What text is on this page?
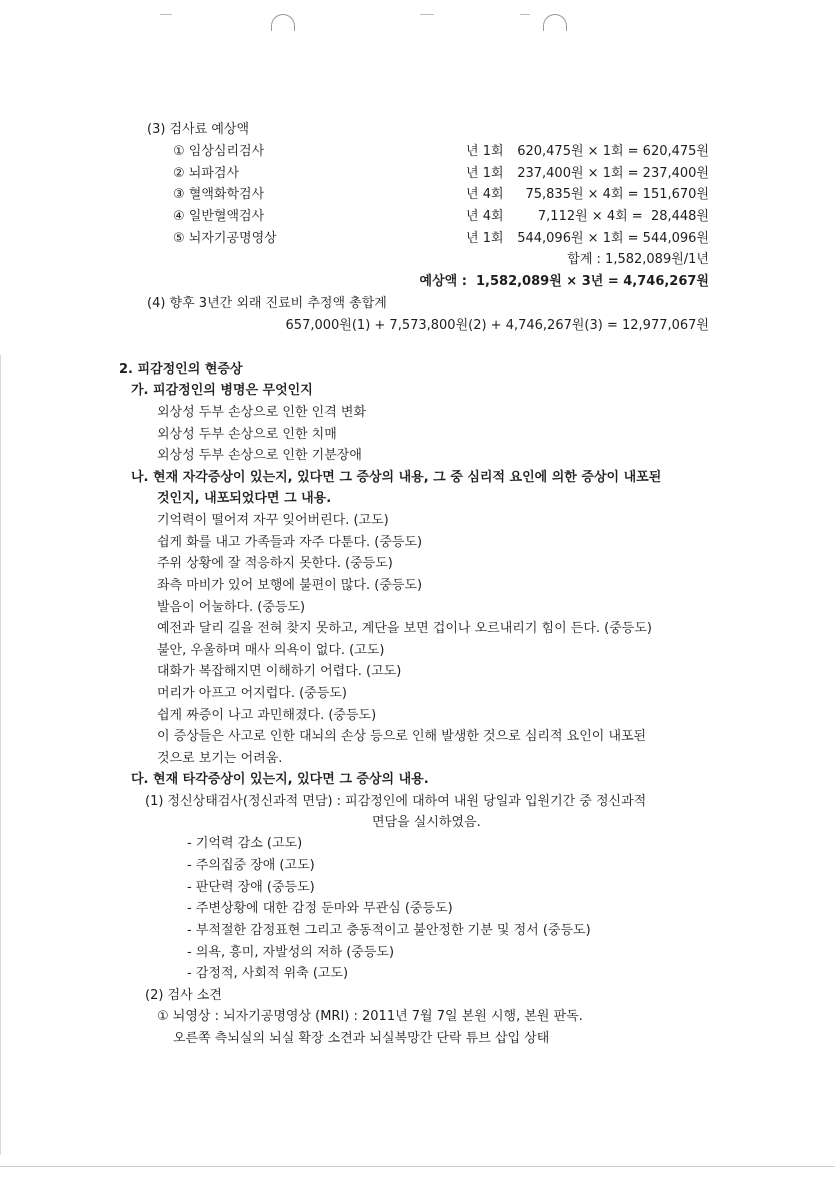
(3) 검사료 예상액
① 임상심리검사	년 1회 620,475원 × 1회 = 620,475원
② 뇌파검사	년 1회 237,400원 × 1회 = 237,400원
③ 혈액화학검사	년 4회 75,835원 × 4회 = 151,670원
④ 일반혈액검사	년 4회	7,112원 × 4회 =  28,448원
⑤ 뇌자기공명영상	년 1회 544,096원 × 1회 = 544,096원
합계 : 1,582,089원/1년
예상액 :  1,582,089원 × 3년 = 4,746,267원
(4) 향후 3년간 외래 진료비 추정액 총합계
657,000원(1) + 7,573,800원(2) + 4,746,267원(3) = 12,977,067원
2. 피감정인의 현증상
가. 피감정인의 병명은 무엇인지
외상성 두부 손상으로 인한 인격 변화
외상성 두부 손상으로 인한 치매
외상성 두부 손상으로 인한 기분장애
나. 현재 자각증상이 있는지, 있다면 그 증상의 내용, 그 중 심리적 요인에 의한 증상이 내포된
것인지, 내포되었다면 그 내용.
기억력이 떨어져 자꾸 잊어버린다. (고도)
쉽게 화를 내고 가족들과 자주 다툰다. (중등도)
주위 상황에 잘 적응하지 못한다. (중등도)
좌측 마비가 있어 보행에 불편이 많다. (중등도)
발음이 어눌하다. (중등도)
예전과 달리 길을 전혀 찾지 못하고, 계단을 보면 겁이나 오르내리기 힘이 든다. (중등도)
불안, 우울하며 매사 의욕이 없다. (고도)
대화가 복잡해지면 이해하기 어렵다. (고도)
머리가 아프고 어지럽다. (중등도)
쉽게 짜증이 나고 과민해졌다. (중등도)
이 증상들은 사고로 인한 대뇌의 손상 등으로 인해 발생한 것으로 심리적 요인이 내포된
것으로 보기는 어려움.
다. 현재 타각증상이 있는지, 있다면 그 증상의 내용.
(1) 정신상태검사(정신과적 면담) : 피감정인에 대하여 내원 당일과 입원기간 중 정신과적
면담을 실시하였음.
- 기억력 감소 (고도)
- 주의집중 장애 (고도)
- 판단력 장애 (중등도)
- 주변상황에 대한 감정 둔마와 무관심 (중등도)
- 부적절한 감정표현 그리고 충동적이고 불안정한 기분 및 정서 (중등도)
- 의욕, 흥미, 자발성의 저하 (중등도)
- 감정적, 사회적 위축 (고도)
(2) 검사 소견
① 뇌영상 : 뇌자기공명영상 (MRI) : 2011년 7월 7일 본원 시행, 본원 판독.
오른쪽 측뇌실의 뇌실 확장 소견과 뇌실복망간 단락 튜브 삽입 상태
